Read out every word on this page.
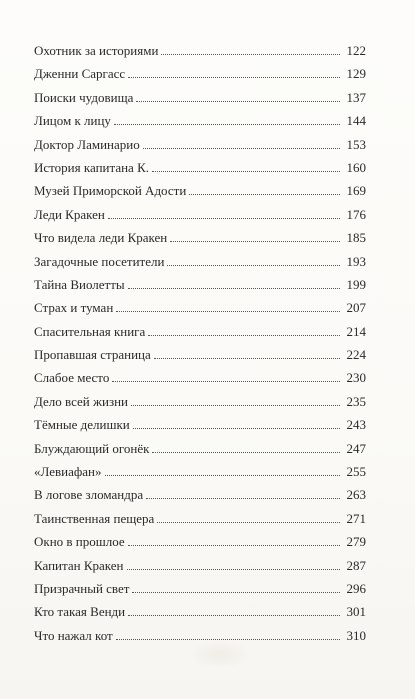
Охотник за историями	122
Дженни Саргасс	129
Поиски чудовища	137
Лицом к лицу	144
Доктор Ламинарио	153
История капитана К.	160
Музей Приморской Адости	169
Леди Кракен	176
Что видела леди Кракен	185
Загадочные посетители	193
Тайна Виолетты	199
Страх и туман	207
Спасительная книга	214
Пропавшая страница	224
Слабое место	230
Дело всей жизни	235
Тёмные делишки	243
Блуждающий огонёк	247
«Левиафан»	255
В логове зломандра	263
Таинственная пещера	271
Окно в прошлое	279
Капитан Кракен	287
Призрачный свет	296
Кто такая Венди	301
Что нажал кот	310
